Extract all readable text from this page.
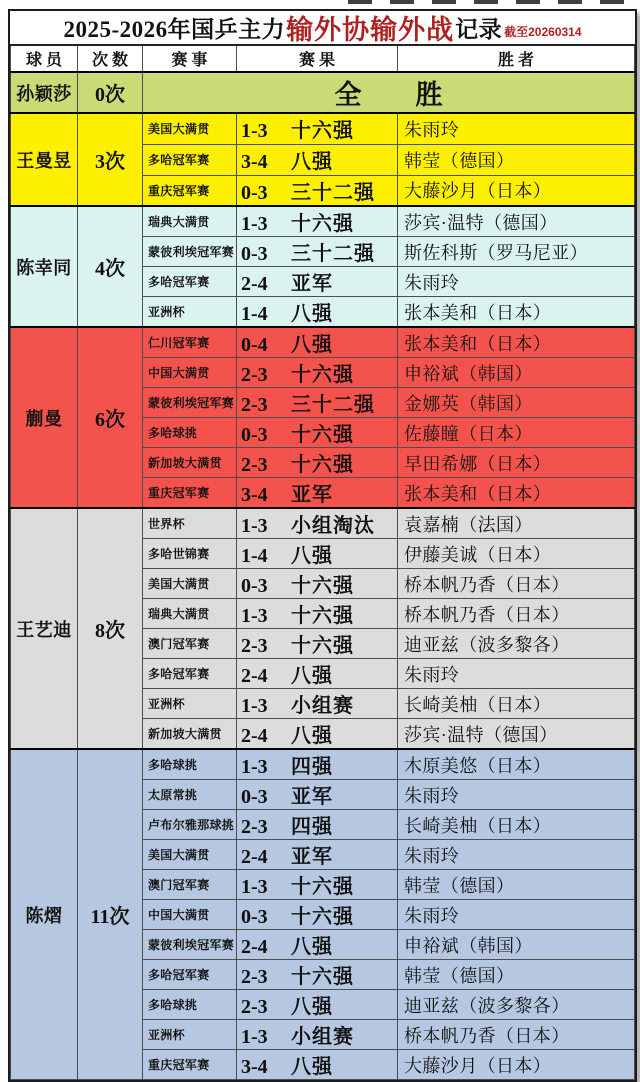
2025-2026年国乒主力 输外协输外战 记录 截至20260314
球 员	次 数	赛 事	赛 果	胜 者
孙颖莎	0次	全　　胜		
王曼昱	3次	美国大满贯	1-3 十六强	朱雨玲
		多哈冠军赛	3-4 八强	韩莹（德国）
		重庆冠军赛	0-3 三十二强	大藤沙月（日本）
陈幸同	4次	瑞典大满贯	1-3 十六强	莎宾·温特（德国）
		蒙彼利埃冠军赛	0-3 三十二强	斯佐科斯（罗马尼亚）
		多哈冠军赛	2-4 亚军	朱雨玲
		亚洲杯	1-4 八强	张本美和（日本）
蒯曼	6次	仁川冠军赛	0-4 八强	张本美和（日本）
		中国大满贯	2-3 十六强	申裕斌（韩国）
		蒙彼利埃冠军赛	2-3 三十二强	金娜英（韩国）
		多哈球挑	0-3 十六强	佐藤瞳（日本）
		新加坡大满贯	2-3 十六强	早田希娜（日本）
		重庆冠军赛	3-4 亚军	张本美和（日本）
王艺迪	8次	世界杯	1-3 小组淘汰	袁嘉楠（法国）
		多哈世锦赛	1-4 八强	伊藤美诚（日本）
		美国大满贯	0-3 十六强	桥本帆乃香（日本）
		瑞典大满贯	1-3 十六强	桥本帆乃香（日本）
		澳门冠军赛	2-3 十六强	迪亚兹（波多黎各）
		多哈冠军赛	2-4 八强	朱雨玲
		亚洲杯	1-3 小组赛	长崎美柚（日本）
		新加坡大满贯	2-4 八强	莎宾·温特（德国）
陈熠	11次	多哈球挑	1-3 四强	木原美悠（日本）
		太原常挑	0-3 亚军	朱雨玲
		卢布尔雅那球挑	2-3 四强	长崎美柚（日本）
		美国大满贯	2-4 亚军	朱雨玲
		澳门冠军赛	1-3 十六强	韩莹（德国）
		中国大满贯	0-3 十六强	朱雨玲
		蒙彼利埃冠军赛	2-4 八强	申裕斌（韩国）
		多哈冠军赛	2-3 十六强	韩莹（德国）
		多哈球挑	2-3 八强	迪亚兹（波多黎各）
		亚洲杯	1-3 小组赛	桥本帆乃香（日本）
		重庆冠军赛	3-4 八强	大藤沙月（日本）
